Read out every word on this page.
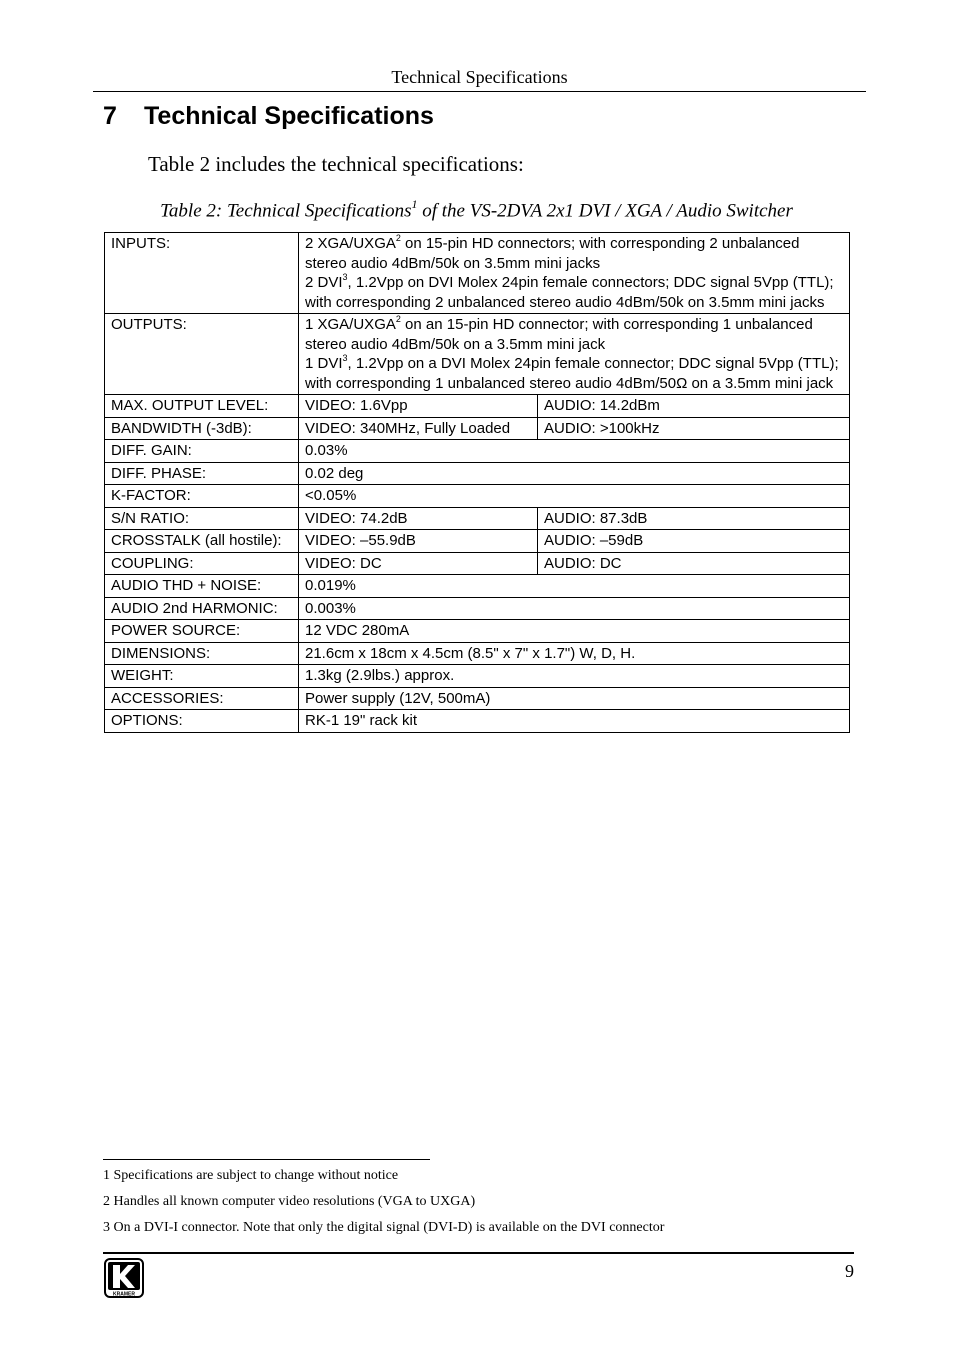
Technical Specifications
7 Technical Specifications
Table 2 includes the technical specifications:
Table 2: Technical Specifications$^1$ of the VS-2DVA 2x1 DVI / XGA / Audio Switcher
INPUTS:	2 XGA/UXGA$^2$ on 15-pin HD connectors; with corresponding 2 unbalanced stereo audio 4dBm/50k on 3.5mm mini jacks

2 DVI$^3$, 1.2Vpp on DVI Molex 24pin female connectors; DDC signal 5Vpp (TTL); with corresponding 2 unbalanced stereo audio 4dBm/50k on 3.5mm mini jacks	

OUTPUTS:	1 XGA/UXGA$^2$ on an 15-pin HD connector; with corresponding 1 unbalanced stereo audio 4dBm/50k on a 3.5mm mini jack

1 DVI$^3$, 1.2Vpp on a DVI Molex 24pin female connector; DDC signal 5Vpp (TTL); with corresponding 1 unbalanced stereo audio 4dBm/50Ω on a 3.5mm mini jack	

MAX. OUTPUT LEVEL:	VIDEO: 1.6Vpp	AUDIO: 14.2dBm
BANDWIDTH (-3dB):	VIDEO: 340MHz, Fully Loaded	AUDIO: >100kHz
DIFF. GAIN:	0.03%	
DIFF. PHASE:	0.02 deg	
K-FACTOR:	<0.05%	
S/N RATIO:	VIDEO: 74.2dB	AUDIO: 87.3dB
CROSSTALK (all hostile):	VIDEO: –55.9dB	AUDIO: –59dB
COUPLING:	VIDEO: DC	AUDIO: DC
AUDIO THD + NOISE:	0.019%	
AUDIO 2nd HARMONIC:	0.003%	
POWER SOURCE:	12 VDC 280mA	
DIMENSIONS:	21.6cm x 18cm x 4.5cm (8.5" x 7" x 1.7") W, D, H.	
WEIGHT:	1.3kg (2.9lbs.) approx.	
ACCESSORIES:	Power supply (12V, 500mA)	
OPTIONS:	RK-1 19" rack kit	
1 Specifications are subject to change without notice
2 Handles all known computer video resolutions (VGA to UXGA)
3 On a DVI-I connector. Note that only the digital signal (DVI-D) is available on the DVI connector
KRAMER
9
